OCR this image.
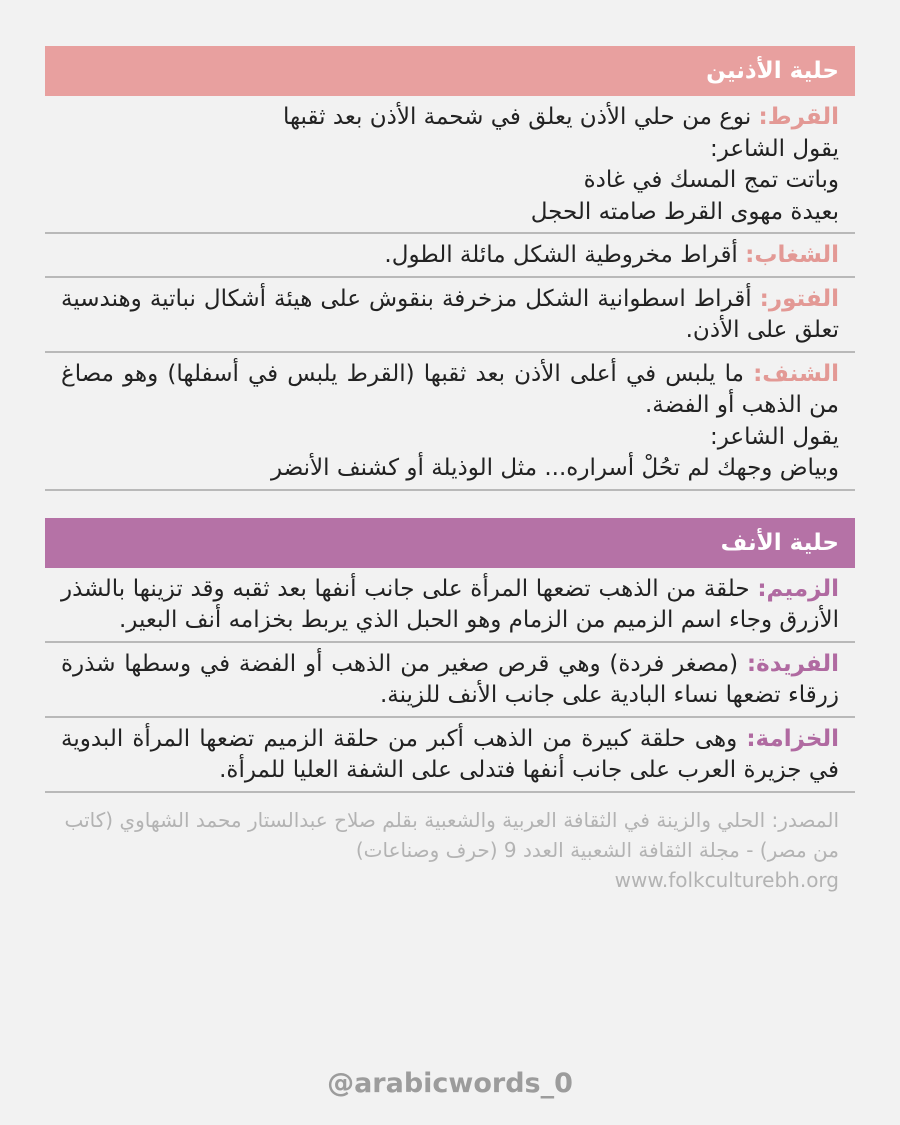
حلية الأذنين
القرط: نوع من حلي الأذن يعلق في شحمة الأذن بعد ثقبها
يقول الشاعر:
وباتت تمج المسك في غادة
بعيدة مهوى القرط صامته الحجل
الشغاب: أقراط مخروطية الشكل مائلة الطول.
الفتور: أقراط اسطوانية الشكل مزخرفة بنقوش على هيئة أشكال نباتية وهندسية تعلق على الأذن.
الشنف: ما يلبس في أعلى الأذن بعد ثقبها (القرط يلبس في أسفلها) وهو مصاغ من الذهب أو الفضة.
يقول الشاعر:
وبياض وجهك لم تحُلْ أسراره... مثل الوذيلة أو كشنف الأنضر
حلية الأنف
الزميم: حلقة من الذهب تضعها المرأة على جانب أنفها بعد ثقبه وقد تزينها بالشذر الأزرق وجاء اسم الزميم من الزمام وهو الحبل الذي يربط بخزامه أنف البعير.
الفريدة: (مصغر فردة) وهي قرص صغير من الذهب أو الفضة في وسطها شذرة زرقاء تضعها نساء البادية على جانب الأنف للزينة.
الخزامة: وهى حلقة كبيرة من الذهب أكبر من حلقة الزميم تضعها المرأة البدوية في جزيرة العرب على جانب أنفها فتدلى على الشفة العليا للمرأة.
المصدر: الحلي والزينة في الثقافة العربية والشعبية بقلم صلاح عبدالستار محمد الشهاوي (كاتب من مصر) - مجلة الثقافة الشعبية العدد 9 (حرف وصناعات)
www.folkculturebh.org
@arabicwords_0
